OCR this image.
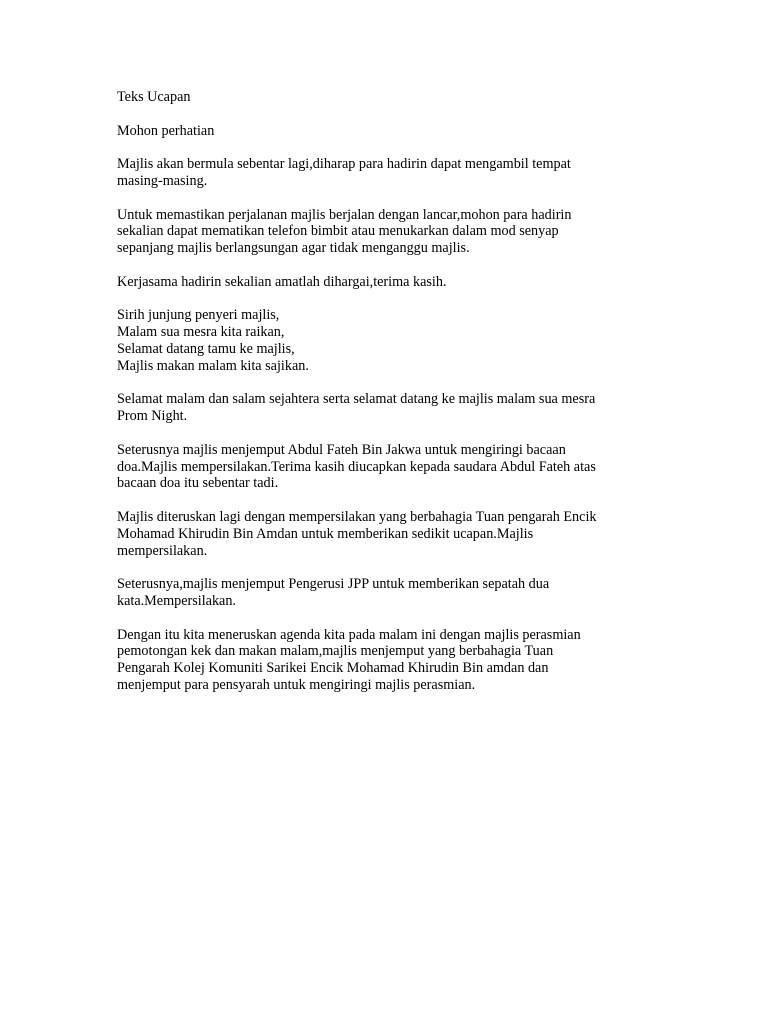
Teks Ucapan

Mohon perhatian

Majlis akan bermula sebentar lagi,diharap para hadirin dapat mengambil tempat
masing-masing.

Untuk memastikan perjalanan majlis berjalan dengan lancar,mohon para hadirin
sekalian dapat mematikan telefon bimbit atau menukarkan dalam mod senyap
sepanjang majlis berlangsungan agar tidak menganggu majlis.

Kerjasama hadirin sekalian amatlah dihargai,terima kasih.

Sirih junjung penyeri majlis,
Malam sua mesra kita raikan,
Selamat datang tamu ke majlis,
Majlis makan malam kita sajikan.

Selamat malam dan salam sejahtera serta selamat datang ke majlis malam sua mesra
Prom Night.

Seterusnya majlis menjemput Abdul Fateh Bin Jakwa untuk mengiringi bacaan
doa.Majlis mempersilakan.Terima kasih diucapkan kepada saudara Abdul Fateh atas
bacaan doa itu sebentar tadi.

Majlis diteruskan lagi dengan mempersilakan yang berbahagia Tuan pengarah Encik
Mohamad Khirudin Bin Amdan untuk memberikan sedikit ucapan.Majlis
mempersilakan.

Seterusnya,majlis menjemput Pengerusi JPP untuk memberikan sepatah dua
kata.Mempersilakan.

Dengan itu kita meneruskan agenda kita pada malam ini dengan majlis perasmian
pemotongan kek dan makan malam,majlis menjemput yang berbahagia Tuan
Pengarah Kolej Komuniti Sarikei Encik Mohamad Khirudin Bin amdan dan
menjemput para pensyarah untuk mengiringi majlis perasmian.
